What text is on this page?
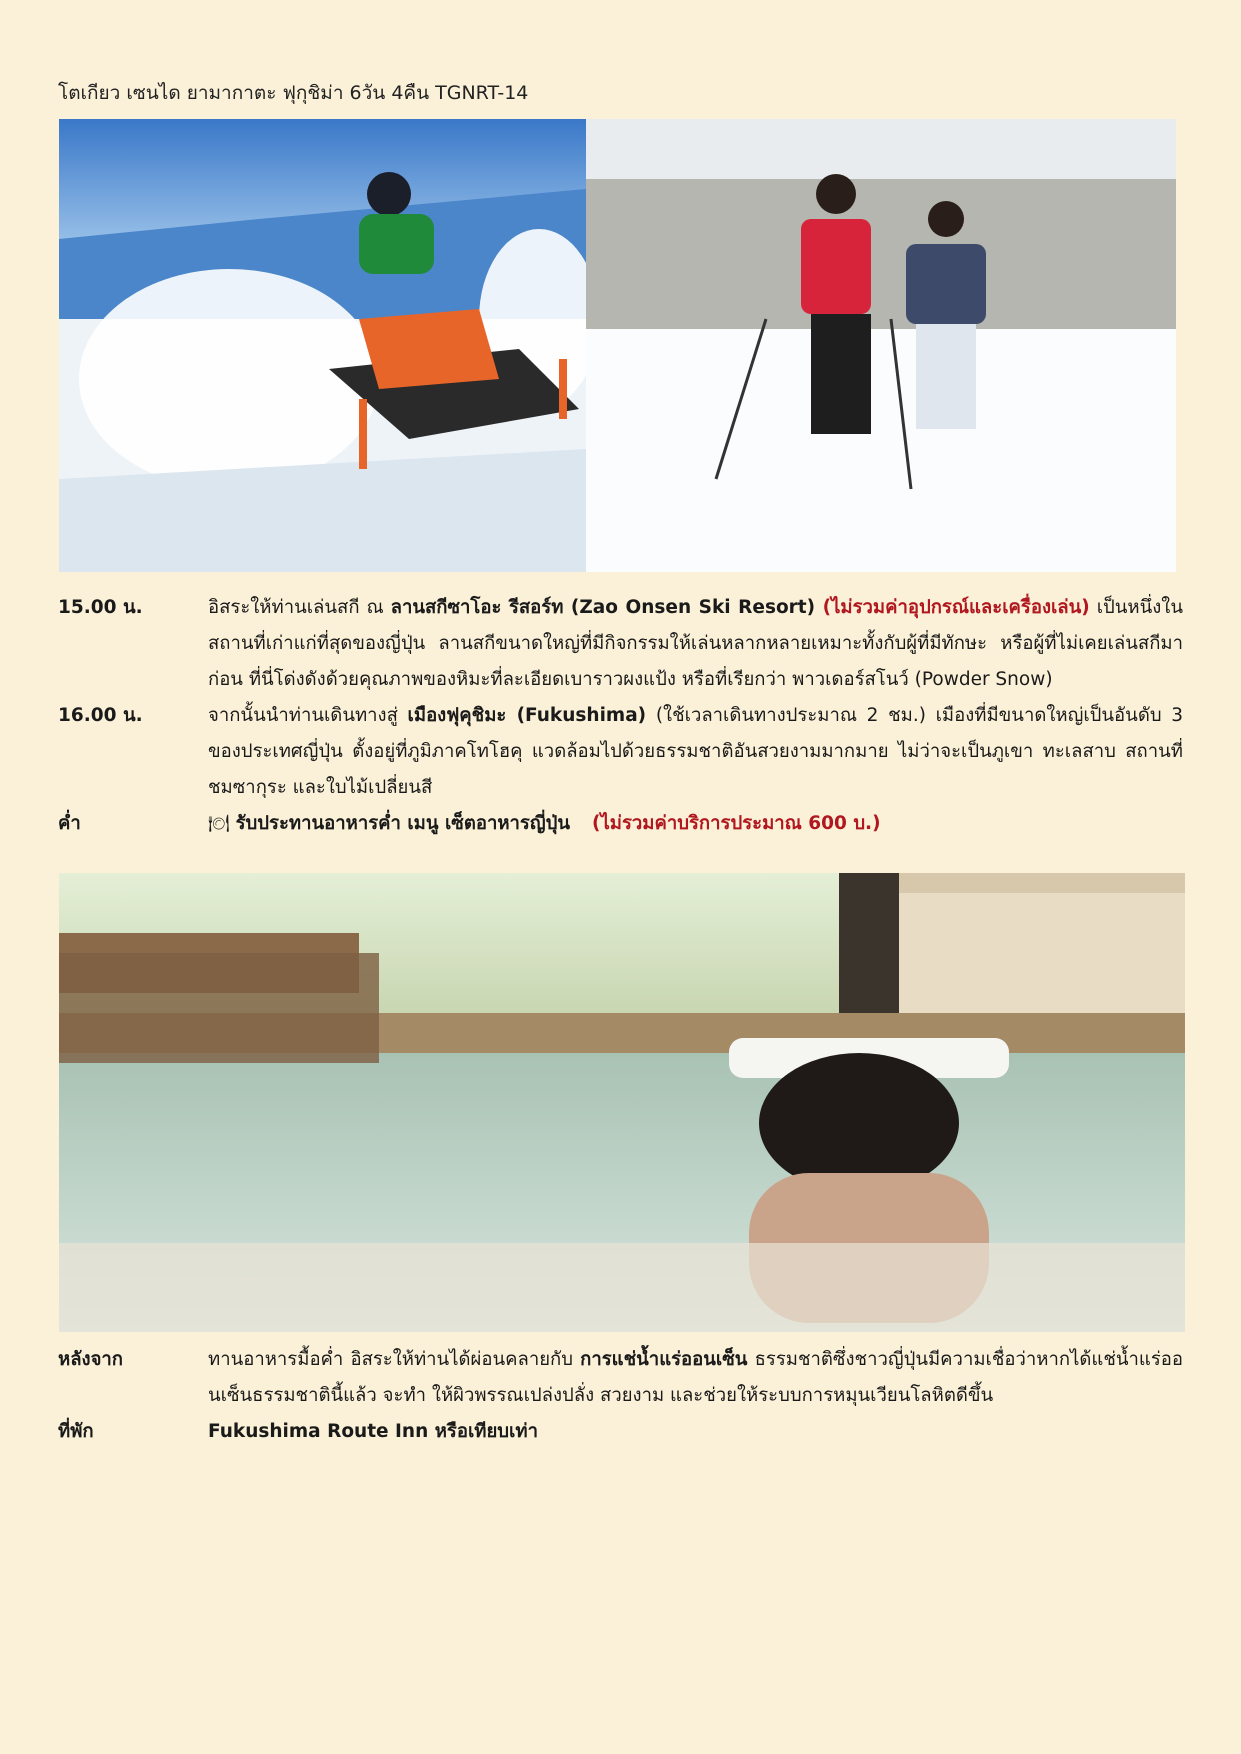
โตเกียว เซนได ยามากาตะ ฟุกุชิม่า 6วัน 4คืน TGNRT-14
15.00 น.	อิสระให้ท่านเล่นสกี ณ ลานสกีซาโอะ รีสอร์ท (Zao Onsen Ski Resort) (ไม่รวมค่าอุปกรณ์และเครื่องเล่น) เป็นหนึ่งในสถานที่เก่าแก่ที่สุดของญี่ปุ่น ลานสกีขนาดใหญ่ที่มีกิจกรรมให้เล่นหลากหลายเหมาะทั้งกับผู้ที่มีทักษะ หรือผู้ที่ไม่เคยเล่นสกีมาก่อน ที่นี่โด่งดังด้วยคุณภาพของหิมะที่ละเอียดเบาราวผงแป้ง หรือที่เรียกว่า พาวเดอร์สโนว์ (Powder Snow)
16.00 น.	จากนั้นนำท่านเดินทางสู่ เมืองฟุคุชิมะ (Fukushima) (ใช้เวลาเดินทางประมาณ 2 ชม.) เมืองที่มีขนาดใหญ่เป็นอันดับ 3 ของประเทศญี่ปุ่น ตั้งอยู่ที่ภูมิภาคโทโฮคุ แวดล้อมไปด้วยธรรมชาติอันสวยงามมากมาย ไม่ว่าจะเป็นภูเขา ทะเลสาบ สถานที่ชมซากุระ และใบไม้เปลี่ยนสี
ค่ำ	🍽 รับประทานอาหารค่ำ เมนู เซ็ตอาหารญี่ปุ่น (ไม่รวมค่าบริการประมาณ 600 บ.)
หลังจาก	ทานอาหารมื้อค่ำ อิสระให้ท่านได้ผ่อนคลายกับ การแช่น้ำแร่ออนเซ็น ธรรมชาติซึ่งชาวญี่ปุ่นมีความเชื่อว่าหากได้แช่น้ำแร่ออนเซ็นธรรมชาตินี้แล้ว จะทำ ให้ผิวพรรณเปล่งปลั่ง สวยงาม และช่วยให้ระบบการหมุนเวียนโลหิตดีขึ้น
ที่พัก	Fukushima Route Inn หรือเทียบเท่า
